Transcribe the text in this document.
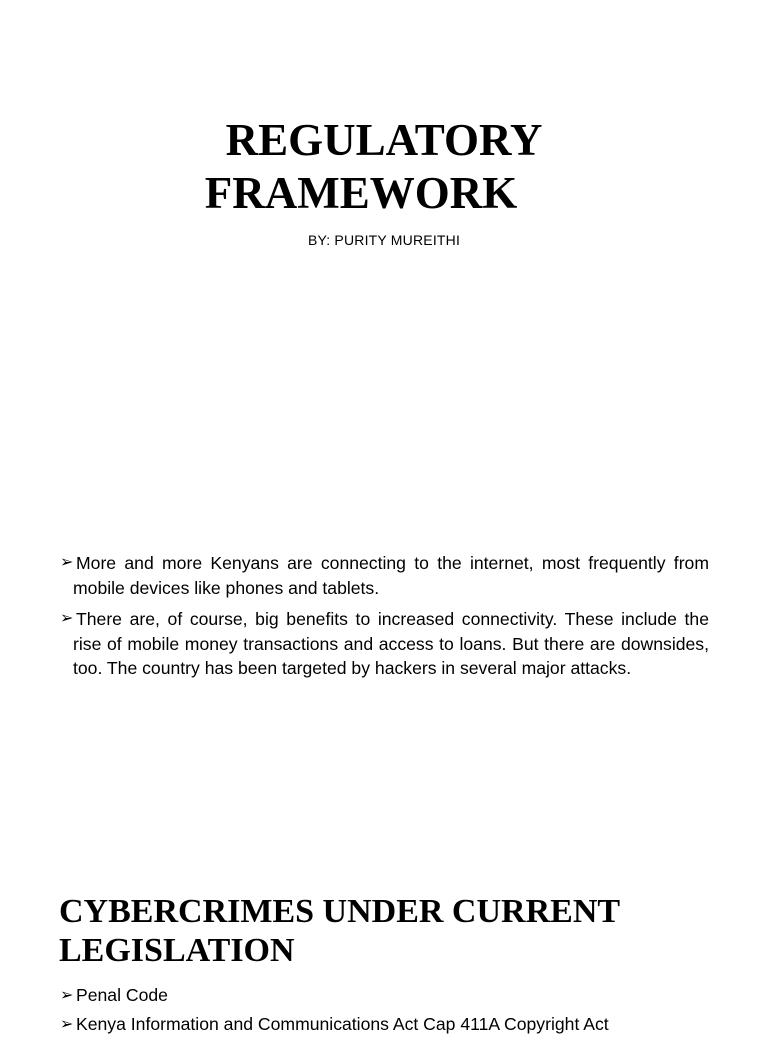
REGULATORY
FRAMEWORK
BY: PURITY MUREITHI
➢ More and more Kenyans are connecting to the internet, most frequently from mobile devices like phones and tablets.
➢ There are, of course, big benefits to increased connectivity. These include the rise of mobile money transactions and access to loans. But there are downsides, too. The country has been targeted by hackers in several major attacks.
CYBERCRIMES UNDER CURRENT LEGISLATION
➢ Penal Code
➢ Kenya Information and Communications Act Cap 411A Copyright Act
